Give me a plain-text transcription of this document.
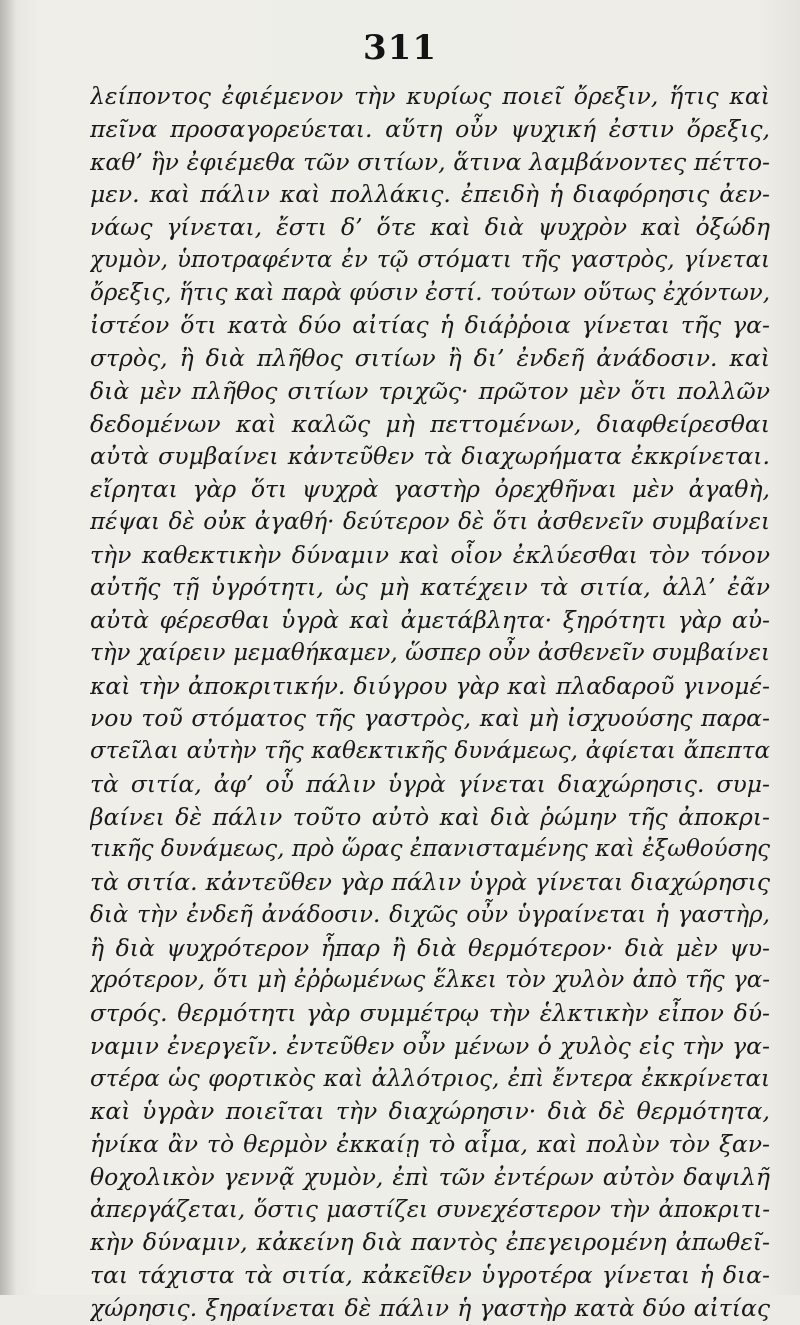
311
λείποντος ἐφιέμενον τὴν κυρίως ποιεῖ ὄρεξιν, ἥτις καὶ
πεῖνα προσαγορεύεται. αὕτη οὖν ψυχική ἐστιν ὄρεξις,
καθ’ ἣν ἐφιέμεθα τῶν σιτίων, ἅτινα λαμβάνοντες πέττο-
μεν. καὶ πάλιν καὶ πολλάκις. ἐπειδὴ ἡ διαφόρησις ἀεν-
νάως γίνεται, ἔστι δ’ ὅτε καὶ διὰ ψυχρὸν καὶ ὀξώδη
χυμὸν, ὑποτραφέντα ἐν τῷ στόματι τῆς γαστρὸς, γίνεται
ὄρεξις, ἥτις καὶ παρὰ φύσιν ἐστί. τούτων οὕτως ἐχόντων,
ἰστέον ὅτι κατὰ δύο αἰτίας ἡ διάῤῥοια γίνεται τῆς γα-
στρὸς, ἢ διὰ πλῆθος σιτίων ἢ δι’ ἐνδεῆ ἀνάδοσιν. καὶ
διὰ μὲν πλῆθος σιτίων τριχῶς· πρῶτον μὲν ὅτι πολλῶν
δεδομένων καὶ καλῶς μὴ πεττομένων, διαφθείρεσθαι
αὐτὰ συμβαίνει κἀντεῦθεν τὰ διαχωρήματα ἐκκρίνεται.
εἴρηται γὰρ ὅτι ψυχρὰ γαστὴρ ὀρεχθῆναι μὲν ἀγαθὴ,
πέψαι δὲ οὐκ ἀγαθή· δεύτερον δὲ ὅτι ἀσθενεῖν συμβαίνει
τὴν καθεκτικὴν δύναμιν καὶ οἷον ἐκλύεσθαι τὸν τόνον
αὐτῆς τῇ ὑγρότητι, ὡς μὴ κατέχειν τὰ σιτία, ἀλλ’ ἐᾶν
αὐτὰ φέρεσθαι ὑγρὰ καὶ ἀμετάβλητα· ξηρότητι γὰρ αὐ-
τὴν χαίρειν μεμαθήκαμεν, ὥσπερ οὖν ἀσθενεῖν συμβαίνει
καὶ τὴν ἀποκριτικήν. διύγρου γὰρ καὶ πλαδαροῦ γινομέ-
νου τοῦ στόματος τῆς γαστρὸς, καὶ μὴ ἰσχυούσης παρα-
στεῖλαι αὐτὴν τῆς καθεκτικῆς δυνάμεως, ἀφίεται ἄπεπτα
τὰ σιτία, ἀφ’ οὗ πάλιν ὑγρὰ γίνεται διαχώρησις. συμ-
βαίνει δὲ πάλιν τοῦτο αὐτὸ καὶ διὰ ῥώμην τῆς ἀποκρι-
τικῆς δυνάμεως, πρὸ ὥρας ἐπανισταμένης καὶ ἐξωθούσης
τὰ σιτία. κἀντεῦθεν γὰρ πάλιν ὑγρὰ γίνεται διαχώρησις
διὰ τὴν ἐνδεῆ ἀνάδοσιν. διχῶς οὖν ὑγραίνεται ἡ γαστὴρ,
ἢ διὰ ψυχρότερον ἧπαρ ἢ διὰ θερμότερον· διὰ μὲν ψυ-
χρότερον, ὅτι μὴ ἐῤῥωμένως ἕλκει τὸν χυλὸν ἀπὸ τῆς γα-
στρός. θερμότητι γὰρ συμμέτρῳ τὴν ἑλκτικὴν εἶπον δύ-
ναμιν ἐνεργεῖν. ἐντεῦθεν οὖν μένων ὁ χυλὸς εἰς τὴν γα-
στέρα ὡς φορτικὸς καὶ ἀλλότριος, ἐπὶ ἔντερα ἐκκρίνεται
καὶ ὑγρὰν ποιεῖται τὴν διαχώρησιν· διὰ δὲ θερμότητα,
ἡνίκα ἂν τὸ θερμὸν ἐκκαίῃ τὸ αἷμα, καὶ πολὺν τὸν ξαν-
θοχολικὸν γεννᾷ χυμὸν, ἐπὶ τῶν ἐντέρων αὐτὸν δαψιλῆ
ἀπεργάζεται, ὅστις μαστίζει συνεχέστερον τὴν ἀποκριτι-
κὴν δύναμιν, κἀκείνη διὰ παντὸς ἐπεγειρομένη ἀπωθεῖ-
ται τάχιστα τὰ σιτία, κἀκεῖθεν ὑγροτέρα γίνεται ἡ δια-
χώρησις. ξηραίνεται δὲ πάλιν ἡ γαστὴρ κατὰ δύο αἰτίας
